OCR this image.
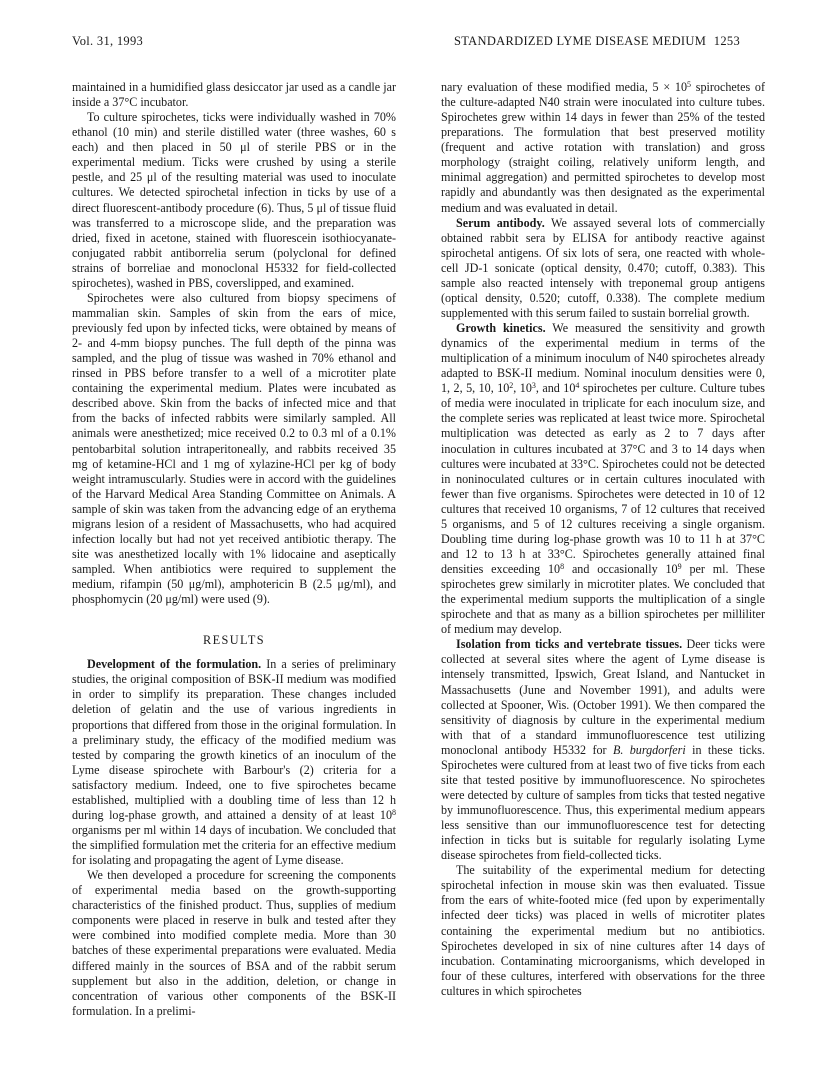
Vol. 31, 1993	STANDARDIZED LYME DISEASE MEDIUM 1253

maintained in a humidified glass desiccator jar used as a candle jar inside a 37°C incubator.

To culture spirochetes, ticks were individually washed in 70% ethanol (10 min) and sterile distilled water (three washes, 60 s each) and then placed in 50 μl of sterile PBS or in the experimental medium. Ticks were crushed by using a sterile pestle, and 25 μl of the resulting material was used to inoculate cultures. We detected spirochetal infection in ticks by use of a direct fluorescent-antibody procedure (6). Thus, 5 μl of tissue fluid was transferred to a microscope slide, and the preparation was dried, fixed in acetone, stained with fluorescein isothiocyanate-conjugated rabbit antiborrelia serum (polyclonal for defined strains of borreliae and monoclonal H5332 for field-collected spirochetes), washed in PBS, coverslipped, and examined.

Spirochetes were also cultured from biopsy specimens of mammalian skin. Samples of skin from the ears of mice, previously fed upon by infected ticks, were obtained by means of 2- and 4-mm biopsy punches. The full depth of the pinna was sampled, and the plug of tissue was washed in 70% ethanol and rinsed in PBS before transfer to a well of a microtiter plate containing the experimental medium. Plates were incubated as described above. Skin from the backs of infected mice and that from the backs of infected rabbits were similarly sampled. All animals were anesthetized; mice received 0.2 to 0.3 ml of a 0.1% pentobarbital solution intraperitoneally, and rabbits received 35 mg of ketamine-HCl and 1 mg of xylazine-HCl per kg of body weight intramuscularly. Studies were in accord with the guidelines of the Harvard Medical Area Standing Committee on Animals. A sample of skin was taken from the advancing edge of an erythema migrans lesion of a resident of Massachusetts, who had acquired infection locally but had not yet received antibiotic therapy. The site was anesthetized locally with 1% lidocaine and aseptically sampled. When antibiotics were required to supplement the medium, rifampin (50 μg/ml), amphotericin B (2.5 μg/ml), and phosphomycin (20 μg/ml) were used (9).

RESULTS

Development of the formulation. In a series of preliminary studies, the original composition of BSK-II medium was modified in order to simplify its preparation. These changes included deletion of gelatin and the use of various ingredients in proportions that differed from those in the original formulation. In a preliminary study, the efficacy of the modified medium was tested by comparing the growth kinetics of an inoculum of the Lyme disease spirochete with Barbour's (2) criteria for a satisfactory medium. Indeed, one to five spirochetes became established, multiplied with a doubling time of less than 12 h during log-phase growth, and attained a density of at least $10^8$ organisms per ml within 14 days of incubation. We concluded that the simplified formulation met the criteria for an effective medium for isolating and propagating the agent of Lyme disease.

We then developed a procedure for screening the components of experimental media based on the growth-supporting characteristics of the finished product. Thus, supplies of medium components were placed in reserve in bulk and tested after they were combined into modified complete media. More than 30 batches of these experimental preparations were evaluated. Media differed mainly in the sources of BSA and of the rabbit serum supplement but also in the addition, deletion, or change in concentration of various other components of the BSK-II formulation. In a prelimi-

nary evaluation of these modified media, $5 \times 10^5$ spirochetes of the culture-adapted N40 strain were inoculated into culture tubes. Spirochetes grew within 14 days in fewer than 25% of the tested preparations. The formulation that best preserved motility (frequent and active rotation with translation) and gross morphology (straight coiling, relatively uniform length, and minimal aggregation) and permitted spirochetes to develop most rapidly and abundantly was then designated as the experimental medium and was evaluated in detail.

Serum antibody. We assayed several lots of commercially obtained rabbit sera by ELISA for antibody reactive against spirochetal antigens. Of six lots of sera, one reacted with whole-cell JD-1 sonicate (optical density, 0.470; cutoff, 0.383). This sample also reacted intensely with treponemal group antigens (optical density, 0.520; cutoff, 0.338). The complete medium supplemented with this serum failed to sustain borrelial growth.

Growth kinetics. We measured the sensitivity and growth dynamics of the experimental medium in terms of the multiplication of a minimum inoculum of N40 spirochetes already adapted to BSK-II medium. Nominal inoculum densities were 0, 1, 2, 5, 10, $10^2$, $10^3$, and $10^4$ spirochetes per culture. Culture tubes of media were inoculated in triplicate for each inoculum size, and the complete series was replicated at least twice more. Spirochetal multiplication was detected as early as 2 to 7 days after inoculation in cultures incubated at 37°C and 3 to 14 days when cultures were incubated at 33°C. Spirochetes could not be detected in noninoculated cultures or in certain cultures inoculated with fewer than five organisms. Spirochetes were detected in 10 of 12 cultures that received 10 organisms, 7 of 12 cultures that received 5 organisms, and 5 of 12 cultures receiving a single organism. Doubling time during log-phase growth was 10 to 11 h at 37°C and 12 to 13 h at 33°C. Spirochetes generally attained final densities exceeding $10^8$ and occasionally $10^9$ per ml. These spirochetes grew similarly in microtiter plates. We concluded that the experimental medium supports the multiplication of a single spirochete and that as many as a billion spirochetes per milliliter of medium may develop.

Isolation from ticks and vertebrate tissues. Deer ticks were collected at several sites where the agent of Lyme disease is intensely transmitted, Ipswich, Great Island, and Nantucket in Massachusetts (June and November 1991), and adults were collected at Spooner, Wis. (October 1991). We then compared the sensitivity of diagnosis by culture in the experimental medium with that of a standard immunofluorescence test utilizing monoclonal antibody H5332 for B. burgdorferi in these ticks. Spirochetes were cultured from at least two of five ticks from each site that tested positive by immunofluorescence. No spirochetes were detected by culture of samples from ticks that tested negative by immunofluorescence. Thus, this experimental medium appears less sensitive than our immunofluorescence test for detecting infection in ticks but is suitable for regularly isolating Lyme disease spirochetes from field-collected ticks.

The suitability of the experimental medium for detecting spirochetal infection in mouse skin was then evaluated. Tissue from the ears of white-footed mice (fed upon by experimentally infected deer ticks) was placed in wells of microtiter plates containing the experimental medium but no antibiotics. Spirochetes developed in six of nine cultures after 14 days of incubation. Contaminating microorganisms, which developed in four of these cultures, interfered with observations for the three cultures in which spirochetes
